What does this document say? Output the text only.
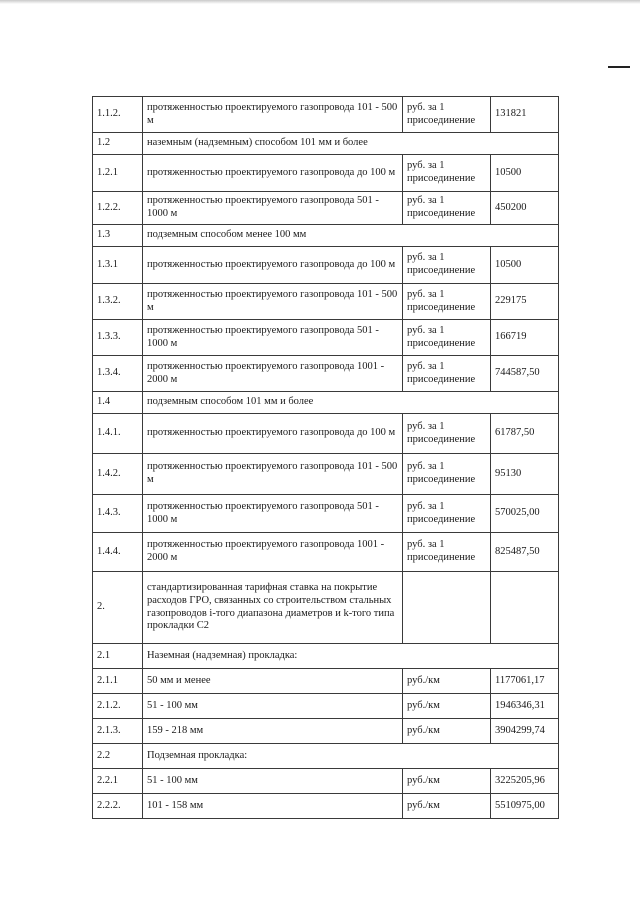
1.1.2.	протяженностью проектируемого газопровода 101 - 500 м	руб. за 1 присоединение	131821
1.2	наземным (надземным) способом 101 мм и более		
1.2.1	протяженностью проектируемого газопровода до 100 м	руб. за 1 присоединение	10500
1.2.2.	протяженностью проектируемого газопровода 501 - 1000 м	руб. за 1 присоединение	450200
1.3	подземным способом менее 100 мм		
1.3.1	протяженностью проектируемого газопровода до 100 м	руб. за 1 присоединение	10500
1.3.2.	протяженностью проектируемого газопровода 101 - 500 м	руб. за 1 присоединение	229175
1.3.3.	протяженностью проектируемого газопровода 501 - 1000 м	руб. за 1 присоединение	166719
1.3.4.	протяженностью проектируемого газопровода 1001 - 2000 м	руб. за 1 присоединение	744587,50
1.4	подземным способом 101 мм и более		
1.4.1.	протяженностью проектируемого газопровода до 100 м	руб. за 1 присоединение	61787,50
1.4.2.	протяженностью проектируемого газопровода 101 - 500 м	руб. за 1 присоединение	95130
1.4.3.	протяженностью проектируемого газопровода 501 - 1000 м	руб. за 1 присоединение	570025,00
1.4.4.	протяженностью проектируемого газопровода 1001 - 2000 м	руб. за 1 присоединение	825487,50
2.	стандартизированная тарифная ставка на покрытие расходов ГРО, связанных со строительством стальных газопроводов i-того диапазона диаметров и k-того типа прокладки С2		
2.1	Наземная (надземная) прокладка:		
2.1.1	50 мм и менее	руб./км	1177061,17
2.1.2.	51 - 100 мм	руб./км	1946346,31
2.1.3.	159 - 218 мм	руб./км	3904299,74
2.2	Подземная прокладка:		
2.2.1	51 - 100 мм	руб./км	3225205,96
2.2.2.	101 - 158 мм	руб./км	5510975,00
